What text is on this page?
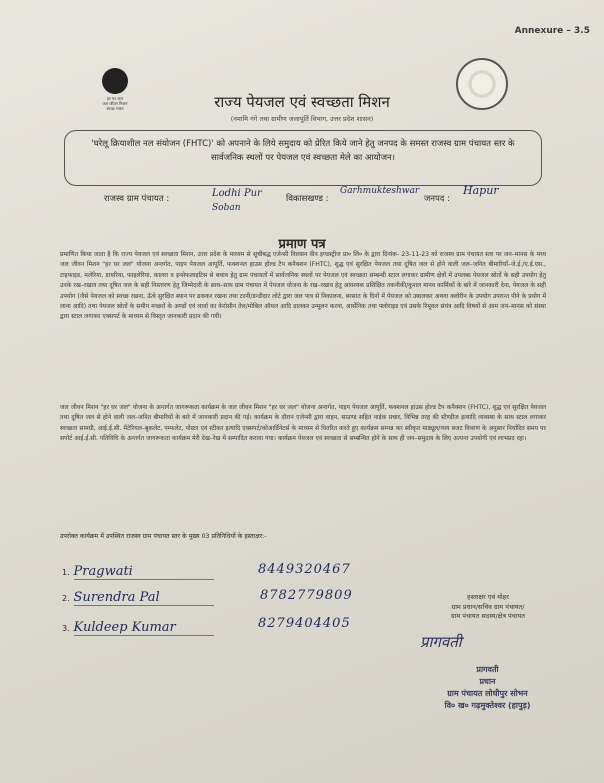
Annexure – 3.5
हर घर जल
जल जीवन मिशन
स्वच्छ भारत	राज्य पेयजल एवं स्वच्छता मिशन
(नमामि गंगे तथा ग्रामीण जलापूर्ति विभाग, उत्तर प्रदेश शासन)
'घरेलू क्रियाशील नल संयोजन (FHTC)' को अपनाने के लिये समुदाय को प्रेरित किये जाने हेतु जनपद के समस्त राजस्व ग्राम पंचायत स्तर के सार्वजनिक स्थलों पर पेयजल एवं स्वच्छता मेले का आयोजन।
राजस्व ग्राम पंचायत :	Lodhi Pur
Soban
विकासखण्ड :
Garhmukteshwar
जनपद :
Hapur
प्रमाण पत्र
प्रमाणित किया जाता है कि राज्य पेयजल एवं स्वच्छता मिशन, उत्तर प्रदेश के माध्यम से सूचीबद्ध एजेन्सी विलसन वीन इण्डस्ट्रीज प्रा० लि० के द्वारा दिनांक- 23-11-23 को राजस्व ग्राम पंचायत स्तर पर जन–मानस के मध्य जल जीवन मिशन "हर घर जल" योजना अन्तर्गत, पाइप पेयजल आपूर्ति, फक्शनल हाउस होल्ड टैप कनैक्शन (FHTC), शुद्ध एवं सुरक्षित पेयजल तथा दूषित जल से होने वाली जल–जनित बीमारियाँ–जे.ई./ए.ई.एस., टाइफाइड, मलेरिया, डायरिया, फाइलेरिया, कालरा व इन्सेफलाइटिस से बचाव हेतु ग्राम पंचायतों में सार्वजनिक स्थलों पर पेयजल एवं स्वच्छता सम्बन्धी स्टाल लगाकर ग्रामीण क्षेत्रों में उपलब्ध पेयजल स्रोतों के सही उपयोग हेतु उनके रख–रखाव तथा दूषित जल के सही निस्तारण हेतु जिम्मेदारी के साथ–साथ ग्राम पंचायत में पेयजल योजना के रख–रखाव हेतु आवश्यक प्रशिक्षित तकनीकी/कुशल मानव कार्मिकों के बारे में जानकारी देना, पेयजल के सही उपयोग (जैसे पेयजल को स्वच्छ रखना, ऊँचे सुरक्षित स्थान पर ढककर रखना तथा टरनी/डन्डीदार लोटे द्वारा जल पात्र से निकालना, बरसात के दिनों में पेयजल को उबालकर अथवा क्लोरीन के उपयोग उपरान्त पीने के प्रयोग में लाना आदि) तथा पेयजल स्रोतों के समीप मच्छरों के अण्डों एवं लार्वा का केरोसीन तेल/मोबिल ऑयल आदि डालकर उन्मूलन करना, आर्सेनिक तथा फ्लोराइड एवं उसके रिमूवल संयंत्र आदि विषयों से आम जन–मानस को संस्था द्वारा स्टाल लगाकर एक्सपर्ट के माध्यम से विस्तृत जानकारी प्रदान की गयी।
जल जीवन मिशन "हर घर जल" योजना के अन्तर्गत जागरूकता कार्यक्रम के जल जीवन मिशन "हर घर जल" योजना अन्तर्गत, पाइप पेयजल आपूर्ति, फक्शनल हाउस होल्ड टैप कनैक्शन (FHTC), शुद्ध एवं सुरक्षित पेयजल तथा दूषित जल से होने वाली जल–जनित बीमारियों के बारे में जानकारी प्रदान की गई। कार्यक्रम के दौरान एजेन्सी द्वारा वाहन, साउण्ड सहित नाईक प्रचार, विभिन्न तरह की स्टैण्डीज इत्यादि व्यवस्था के साथ स्टाल लगाकर स्वच्छता सामग्री, आई.ई.सी. मैटेरियल–बुकलेट, पम्फलेट, पोस्टर एवं स्टीकर इत्यादि एक्सपर्ट/कोआर्डिनेटर्स के माध्यम से वितरित करते हुए कार्यक्रम सम्पन्न कर स्वीकृत माड्यूल/व्यय बजट विवरण के अनुसार निर्धारित समय पर सपोर्ट आई.ई.सी. गतिविधि के अन्तर्गत जागरूकता कार्यक्रम मेरी देख–रेख में सम्पादित कराया गया। कार्यक्रम पेयजल एवं स्वच्छता से सम्बन्धित होने के साथ ही जन–समुदाय के लिए अत्यन्त उपयोगी एवं लाभप्रद रहा।
उपरोक्त कार्यक्रम में उपस्थित राजस्व ग्राम पंचायत स्तर के मुख्य 03 प्रतिनिधियों के हस्ताक्षर:-
1. Pragwati	8449320467
2. Surendra Pal	8782779809
3. Kuldeep Kumar	8279404405
हस्ताक्षर एवं मोहर
ग्राम प्रधान/सचिव ग्राम पंचायत/
ग्राम पंचायत सदस्य/क्षेत्र पंचायत
प्रागवती
प्रागवती
प्रधान
ग्राम पंचायत लोधीपुर सोभन
वि० ख० गढ़मुक्तेश्वर (हापुड़)
